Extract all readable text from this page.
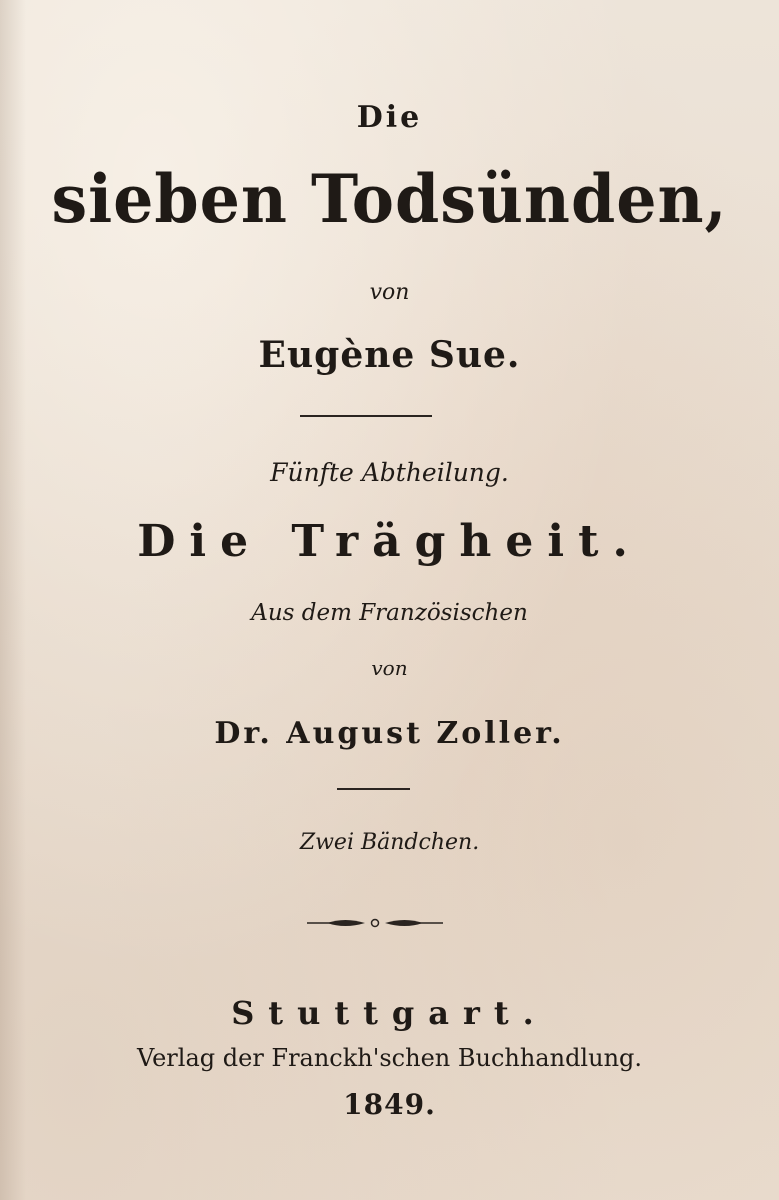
Die
sieben Todsünden,
von
Eugène Sue.
Fünfte Abtheilung.
Die Trägheit.
Aus dem Französischen
von
Dr. August Zoller.
Zwei Bändchen.
Stuttgart.
Verlag der Franckh'schen Buchhandlung.
1849.
